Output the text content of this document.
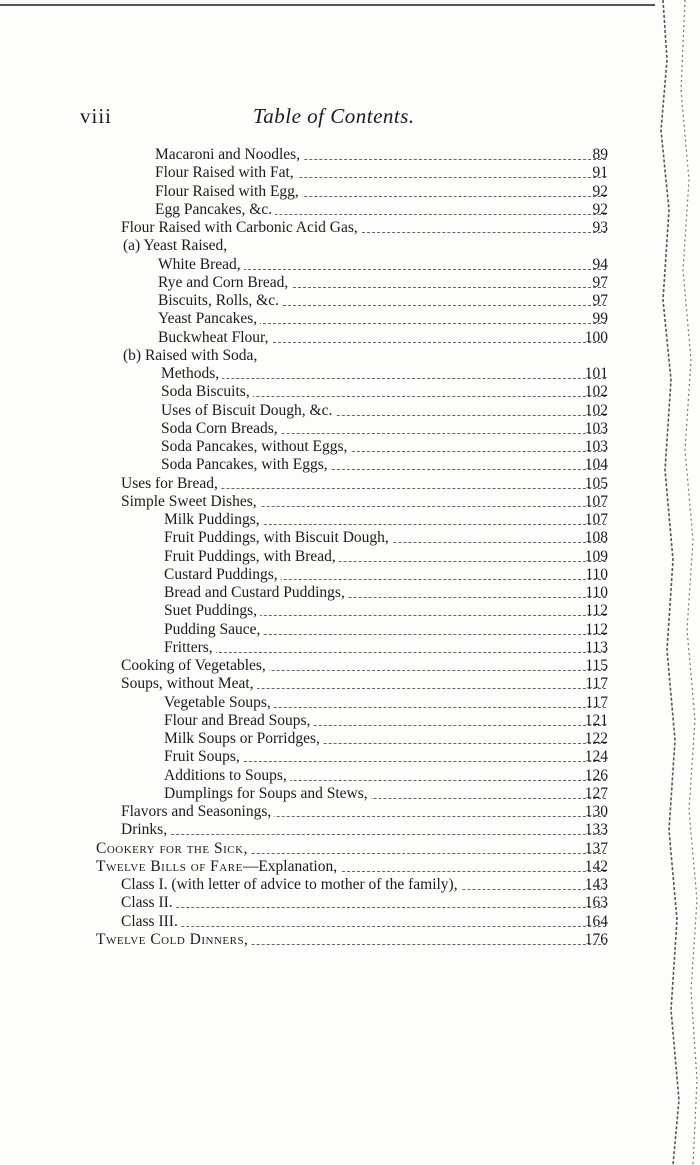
viii	Table of Contents.
Macaroni and Noodles,	89
Flour Raised with Fat,	91
Flour Raised with Egg,	92
Egg Pancakes, &c.	92
Flour Raised with Carbonic Acid Gas,	93
(a) Yeast Raised,
White Bread,	94
Rye and Corn Bread,	97
Biscuits, Rolls, &c.	97
Yeast Pancakes,	99
Buckwheat Flour,	100
(b) Raised with Soda,
Methods,	101
Soda Biscuits,	102
Uses of Biscuit Dough, &c.	102
Soda Corn Breads,	103
Soda Pancakes, without Eggs,	103
Soda Pancakes, with Eggs,	104
Uses for Bread,	105
Simple Sweet Dishes,	107
Milk Puddings,	107
Fruit Puddings, with Biscuit Dough,	108
Fruit Puddings, with Bread,	109
Custard Puddings,	110
Bread and Custard Puddings,	110
Suet Puddings,	112
Pudding Sauce,	112
Fritters,	113
Cooking of Vegetables,	115
Soups, without Meat,	117
Vegetable Soups,	117
Flour and Bread Soups,	121
Milk Soups or Porridges,	122
Fruit Soups,	124
Additions to Soups,	126
Dumplings for Soups and Stews,	127
Flavors and Seasonings,	130
Drinks,	133
Cookery for the Sick,	137
Twelve Bills of Fare—Explanation,	142
Class I. (with letter of advice to mother of the family),	143
Class II.	163
Class III.	164
Twelve Cold Dinners,	176
